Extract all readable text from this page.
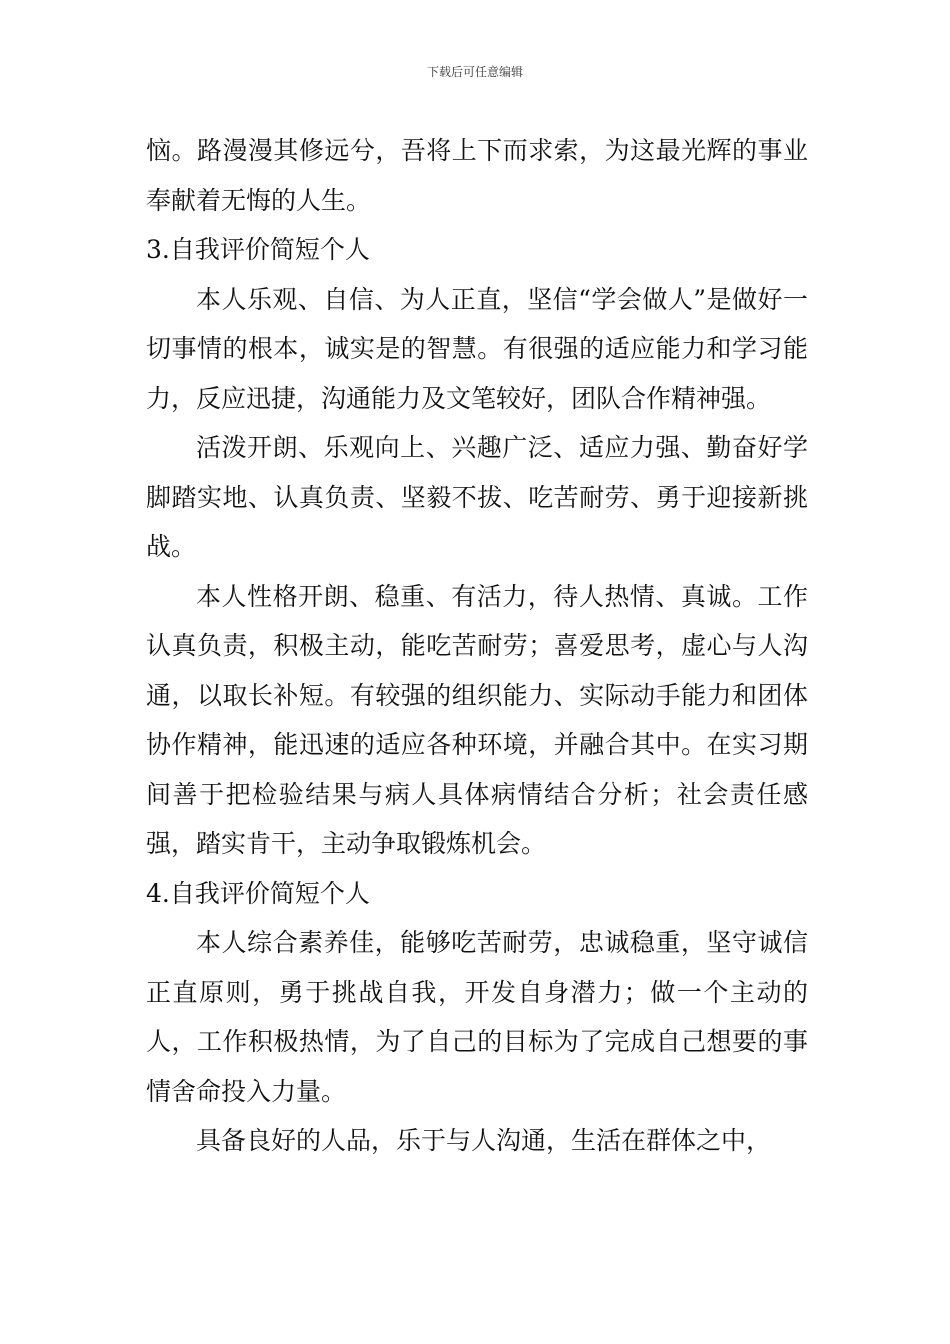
下载后可任意编辑

恼。路漫漫其修远兮，吾将上下而求索，为这最光辉的事业奉献着无悔的人生。

3.自我评价简短个人

本人乐观、自信、为人正直，坚信“学会做人”是做好一切事情的根本，诚实是的智慧。有很强的适应能力和学习能力，反应迅捷，沟通能力及文笔较好，团队合作精神强。

活泼开朗、乐观向上、兴趣广泛、适应力强、勤奋好学脚踏实地、认真负责、坚毅不拔、吃苦耐劳、勇于迎接新挑战。

本人性格开朗、稳重、有活力，待人热情、真诚。工作认真负责，积极主动，能吃苦耐劳；喜爱思考，虚心与人沟通，以取长补短。有较强的组织能力、实际动手能力和团体协作精神，能迅速的适应各种环境，并融合其中。在实习期间善于把检验结果与病人具体病情结合分析；社会责任感强，踏实肯干，主动争取锻炼机会。

4.自我评价简短个人

本人综合素养佳，能够吃苦耐劳，忠诚稳重，坚守诚信正直原则，勇于挑战自我，开发自身潜力；做一个主动的人，工作积极热情，为了自己的目标为了完成自己想要的事情舍命投入力量。

具备良好的人品，乐于与人沟通，生活在群体之中，
